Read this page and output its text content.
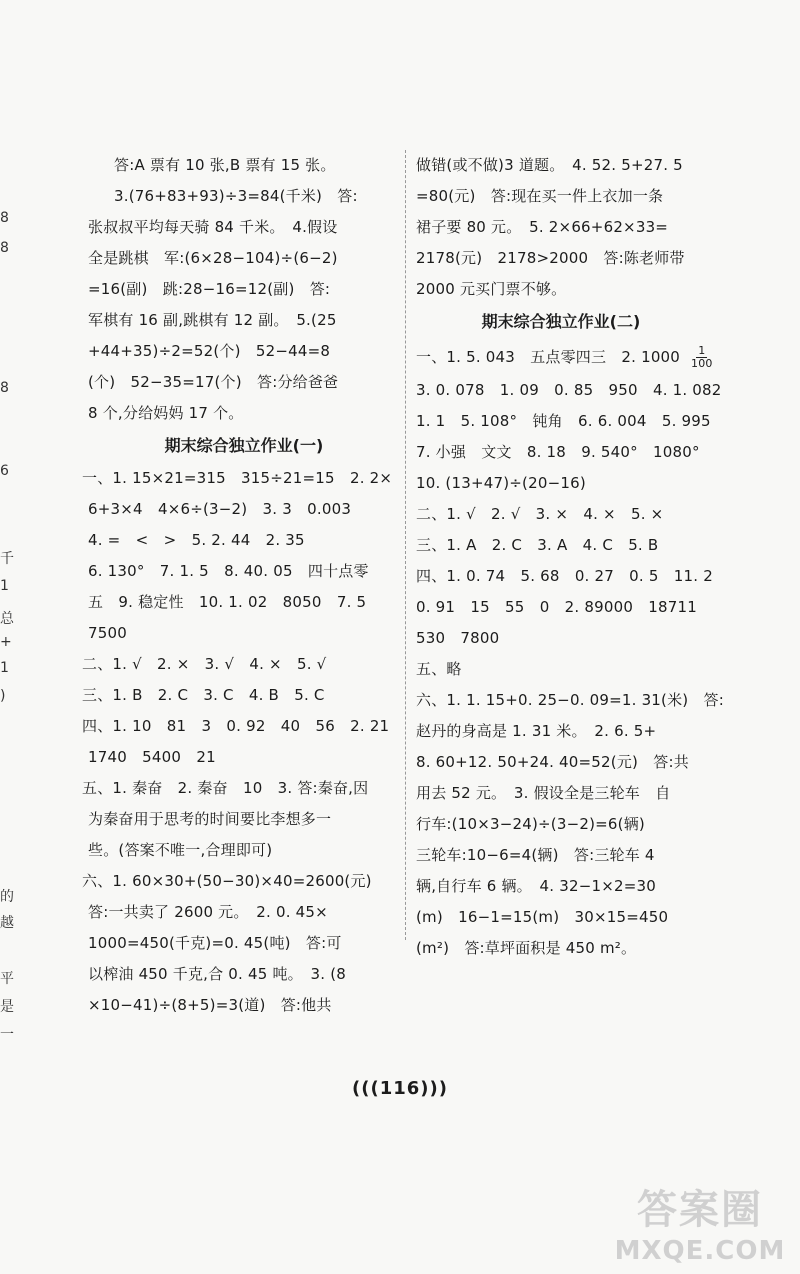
8
8
8
6
千
1
总
+
1
)
的
越
平
是
一
答:A 票有 10 张,B 票有 15 张。
3.(76+83+93)÷3=84(千米)　答:
张叔叔平均每天骑 84 千米。　4.假设
全是跳棋　军:(6×28−104)÷(6−2)
=16(副)　跳:28−16=12(副)　答:
军棋有 16 副,跳棋有 12 副。　5.(25
+44+35)÷2=52(个)　52−44=8
(个)　52−35=17(个)　答:分给爸爸
8 个,分给妈妈 17 个。
期末综合独立作业(一)
一、1. 15×21=315　315÷21=15　2. 2×
6+3×4　4×6÷(3−2)　3. 3　0.003
4. =　<　>　5. 2. 44　2. 35
6. 130°　7. 1. 5　8. 40. 05　四十点零
五　9. 稳定性　10. 1. 02　8050　7. 5
7500
二、1. √　2. ×　3. √　4. ×　5. √
三、1. B　2. C　3. C　4. B　5. C
四、1. 10　81　3　0. 92　40　56　2. 21
1740　5400　21
五、1. 秦奋　2. 秦奋　10　3. 答:秦奋,因
为秦奋用于思考的时间要比李想多一
些。(答案不唯一,合理即可)
六、1. 60×30+(50−30)×40=2600(元)
答:一共卖了 2600 元。　2. 0. 45×
1000=450(千克)=0. 45(吨)　答:可
以榨油 450 千克,合 0. 45 吨。　3. (8
×10−41)÷(8+5)=3(道)　答:他共
做错(或不做)3 道题。　4. 52. 5+27. 5
=80(元)　答:现在买一件上衣加一条
裙子要 80 元。　5. 2×66+62×33=
2178(元)　2178>2000　答:陈老师带
2000 元买门票不够。
期末综合独立作业(二)
一、1. 5. 043　五点零四三　2. $1000 \frac{1}{100}$
3. 0. 078　1. 09　0. 85　950　4. 1. 082
1. 1　5. 108°　钝角　6. 6. 004　5. 995
7. 小强　文文　8. 18　9. 540°　1080°
10. (13+47)÷(20−16)
二、1. √　2. √　3. ×　4. ×　5. ×
三、1. A　2. C　3. A　4. C　5. B
四、1. 0. 74　5. 68　0. 27　0. 5　11. 2
0. 91　15　55　0　2. 89000　18711
530　7800
五、略
六、1. 1. 15+0. 25−0. 09=1. 31(米)　答:
赵丹的身高是 1. 31 米。　2. 6. 5+
8. 60+12. 50+24. 40=52(元)　答:共
用去 52 元。　3. 假设全是三轮车　自
行车:(10×3−24)÷(3−2)=6(辆)
三轮车:10−6=4(辆)　答:三轮车 4
辆,自行车 6 辆。　4. 32−1×2=30
(m)　16−1=15(m)　30×15=450
(m²)　答:草坪面积是 450 m²。
(((116)))
答案圈
MXQE.COM
